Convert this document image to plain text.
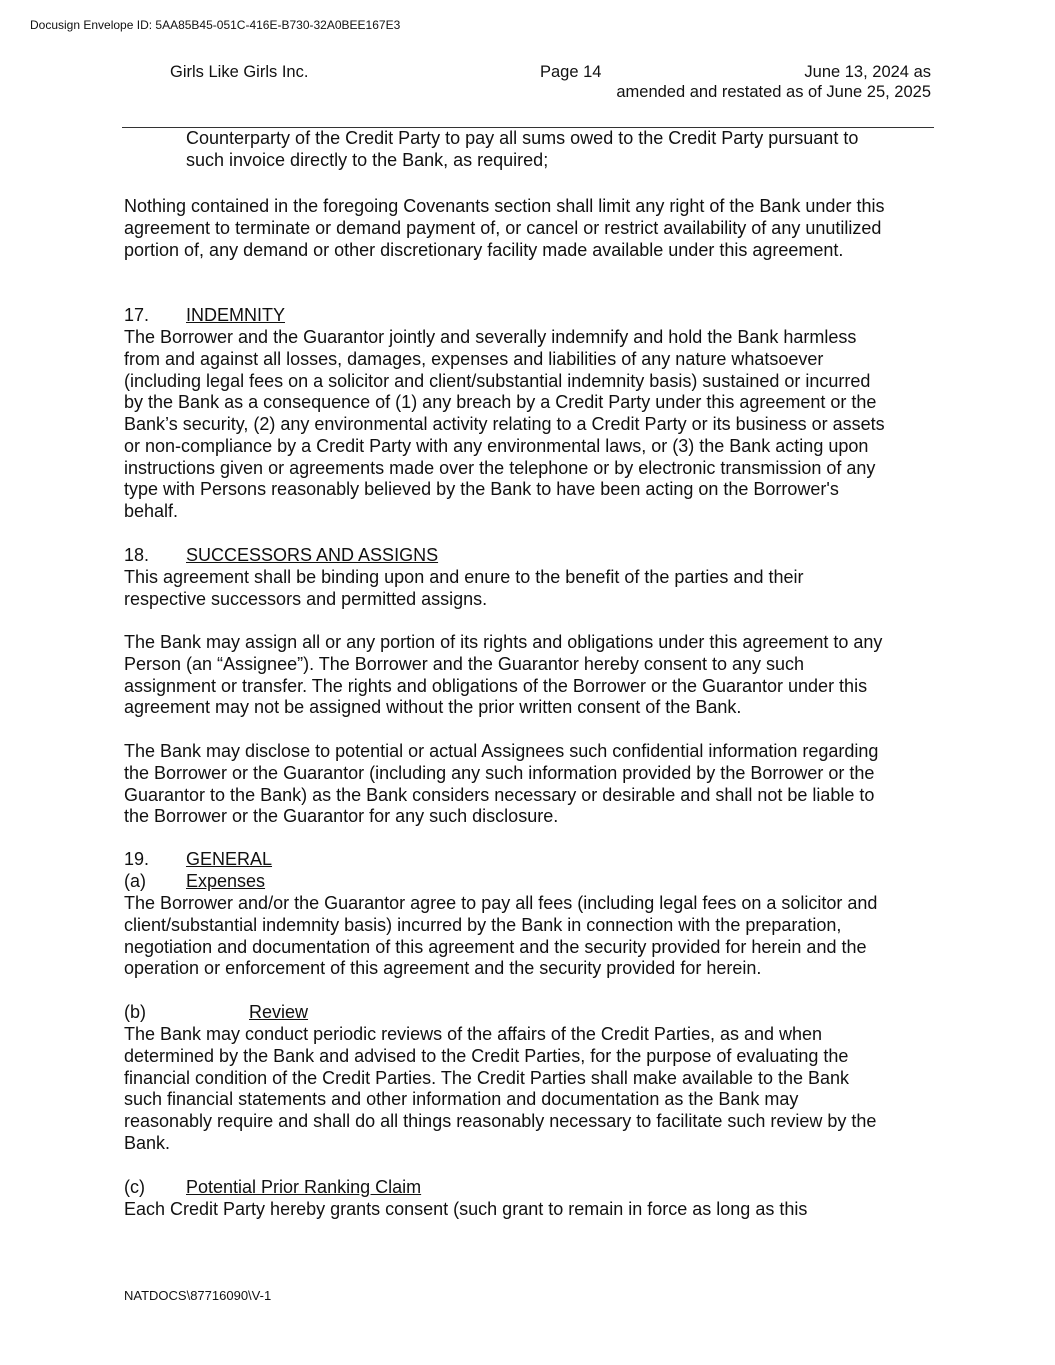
Docusign Envelope ID: 5AA85B45-051C-416E-B730-32A0BEE167E3
Girls Like Girls Inc.	Page 14	June 13, 2024 as
amended and restated as of June 25, 2025
Counterparty of the Credit Party to pay all sums owed to the Credit Party pursuant to
such invoice directly to the Bank, as required;
Nothing contained in the foregoing Covenants section shall limit any right of the Bank under this
agreement to terminate or demand payment of, or cancel or restrict availability of any unutilized
portion of, any demand or other discretionary facility made available under this agreement.
17. INDEMNITY
The Borrower and the Guarantor jointly and severally indemnify and hold the Bank harmless
from and against all losses, damages, expenses and liabilities of any nature whatsoever
(including legal fees on a solicitor and client/substantial indemnity basis) sustained or incurred
by the Bank as a consequence of (1) any breach by a Credit Party under this agreement or the
Bank’s security, (2) any environmental activity relating to a Credit Party or its business or assets
or non-compliance by a Credit Party with any environmental laws, or (3) the Bank acting upon
instructions given or agreements made over the telephone or by electronic transmission of any
type with Persons reasonably believed by the Bank to have been acting on the Borrower's
behalf.
18. SUCCESSORS AND ASSIGNS
This agreement shall be binding upon and enure to the benefit of the parties and their
respective successors and permitted assigns.
The Bank may assign all or any portion of its rights and obligations under this agreement to any
Person (an “Assignee”). The Borrower and the Guarantor hereby consent to any such
assignment or transfer. The rights and obligations of the Borrower or the Guarantor under this
agreement may not be assigned without the prior written consent of the Bank.
The Bank may disclose to potential or actual Assignees such confidential information regarding
the Borrower or the Guarantor (including any such information provided by the Borrower or the
Guarantor to the Bank) as the Bank considers necessary or desirable and shall not be liable to
the Borrower or the Guarantor for any such disclosure.
19. GENERAL
(a) Expenses
The Borrower and/or the Guarantor agree to pay all fees (including legal fees on a solicitor and
client/substantial indemnity basis) incurred by the Bank in connection with the preparation,
negotiation and documentation of this agreement and the security provided for herein and the
operation or enforcement of this agreement and the security provided for herein.
(b)	Review
The Bank may conduct periodic reviews of the affairs of the Credit Parties, as and when
determined by the Bank and advised to the Credit Parties, for the purpose of evaluating the
financial condition of the Credit Parties. The Credit Parties shall make available to the Bank
such financial statements and other information and documentation as the Bank may
reasonably require and shall do all things reasonably necessary to facilitate such review by the
Bank.
(c) Potential Prior Ranking Claim
Each Credit Party hereby grants consent (such grant to remain in force as long as this
NATDOCS\87716090\V-1
